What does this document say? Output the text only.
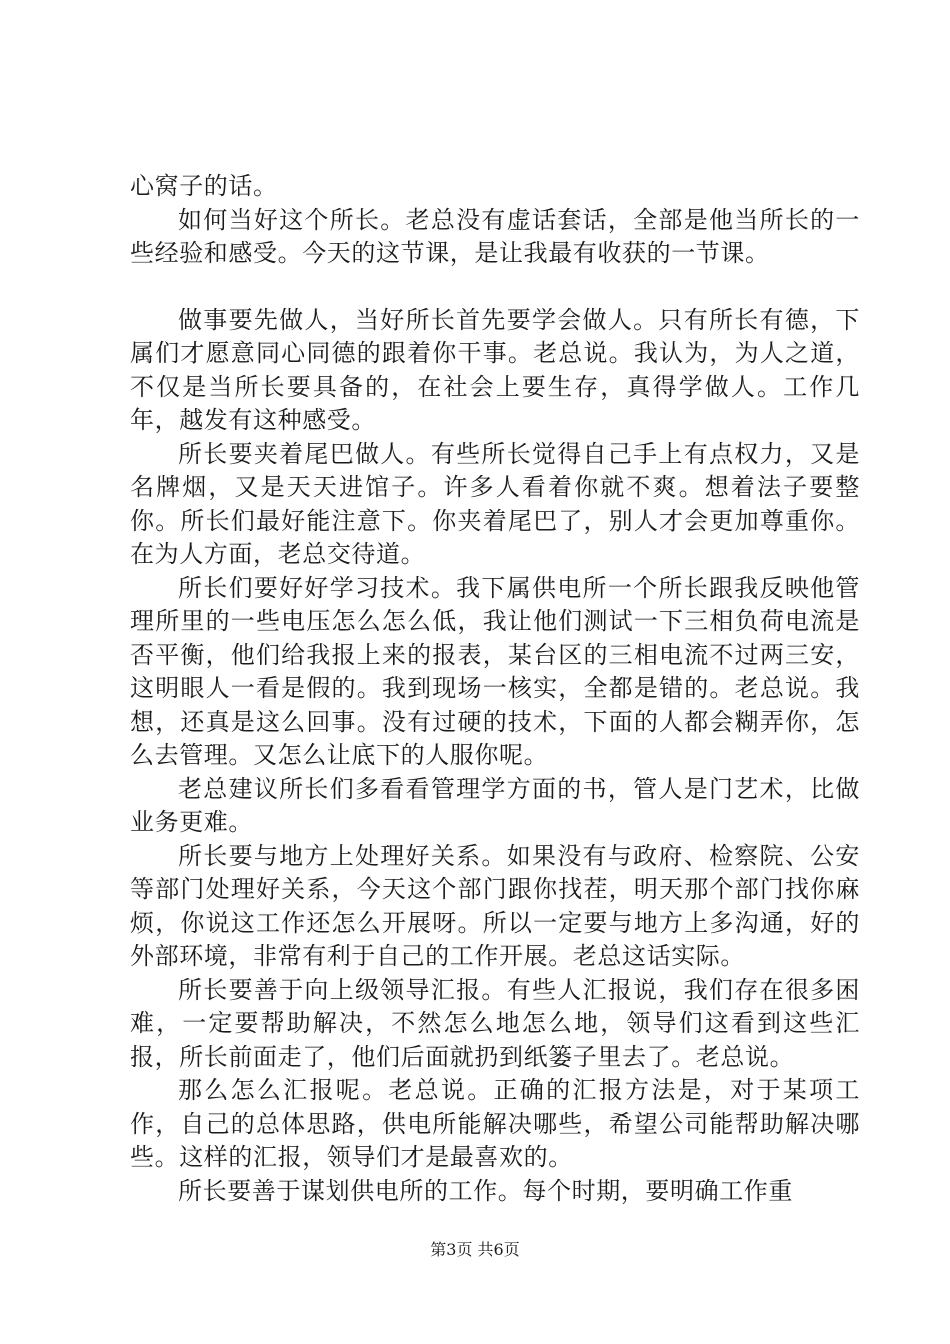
心窝子的话。

如何当好这个所长。老总没有虚话套话，全部是他当所长的一些经验和感受。今天的这节课，是让我最有收获的一节课。

做事要先做人，当好所长首先要学会做人。只有所长有德，下属们才愿意同心同德的跟着你干事。老总说。我认为，为人之道，不仅是当所长要具备的，在社会上要生存，真得学做人。工作几年，越发有这种感受。

所长要夹着尾巴做人。有些所长觉得自己手上有点权力，又是名牌烟，又是天天进馆子。许多人看着你就不爽。想着法子要整你。所长们最好能注意下。你夹着尾巴了，别人才会更加尊重你。在为人方面，老总交待道。

所长们要好好学习技术。我下属供电所一个所长跟我反映他管理所里的一些电压怎么怎么低，我让他们测试一下三相负荷电流是否平衡，他们给我报上来的报表，某台区的三相电流不过两三安，这明眼人一看是假的。我到现场一核实，全都是错的。老总说。我想，还真是这么回事。没有过硬的技术，下面的人都会糊弄你，怎么去管理。又怎么让底下的人服你呢。

老总建议所长们多看看管理学方面的书，管人是门艺术，比做业务更难。

所长要与地方上处理好关系。如果没有与政府、检察院、公安等部门处理好关系，今天这个部门跟你找茬，明天那个部门找你麻烦，你说这工作还怎么开展呀。所以一定要与地方上多沟通，好的外部环境，非常有利于自己的工作开展。老总这话实际。

所长要善于向上级领导汇报。有些人汇报说，我们存在很多困难，一定要帮助解决，不然怎么地怎么地，领导们这看到这些汇报，所长前面走了，他们后面就扔到纸篓子里去了。老总说。

那么怎么汇报呢。老总说。正确的汇报方法是，对于某项工作，自己的总体思路，供电所能解决哪些，希望公司能帮助解决哪些。这样的汇报，领导们才是最喜欢的。

所长要善于谋划供电所的工作。每个时期，要明确工作重

第3页 共6页
